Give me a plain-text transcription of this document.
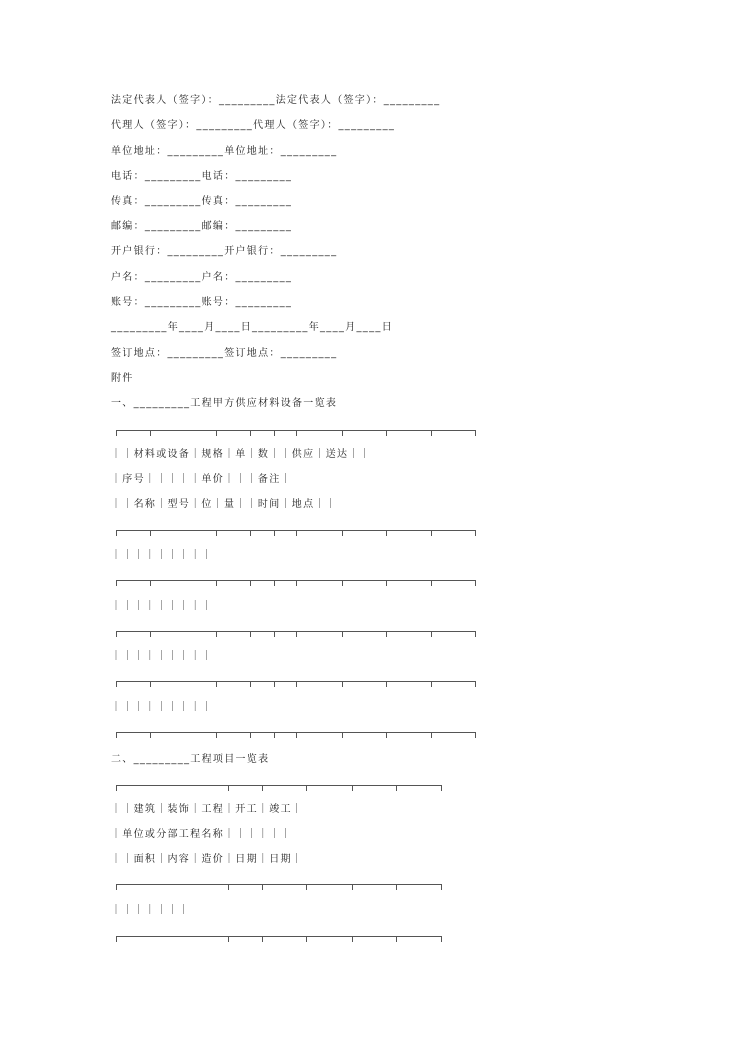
法定代表人（签字）：_________法定代表人（签字）：_________
代理人（签字）：_________代理人（签字）：_________
单位地址：_________单位地址：_________
电话：_________电话：_________
传真：_________传真：_________
邮编：_________邮编：_________
开户银行：_________开户银行：_________
户名：_________户名：_________
账号：_________账号：_________
_________年____月____日_________年____月____日
签订地点：_________签订地点：_________
附件
一、_________工程甲方供应材料设备一览表
｜｜材料或设备｜规格｜单｜数｜｜供应｜送达｜｜
｜序号｜｜｜｜｜单价｜｜｜备注｜
｜｜名称｜型号｜位｜量｜｜时间｜地点｜｜
｜｜｜｜｜｜｜｜｜
｜｜｜｜｜｜｜｜｜
｜｜｜｜｜｜｜｜｜
｜｜｜｜｜｜｜｜｜
二、_________工程项目一览表
｜｜建筑｜装饰｜工程｜开工｜竣工｜
｜单位或分部工程名称｜｜｜｜｜｜
｜｜面积｜内容｜造价｜日期｜日期｜
｜｜｜｜｜｜｜
